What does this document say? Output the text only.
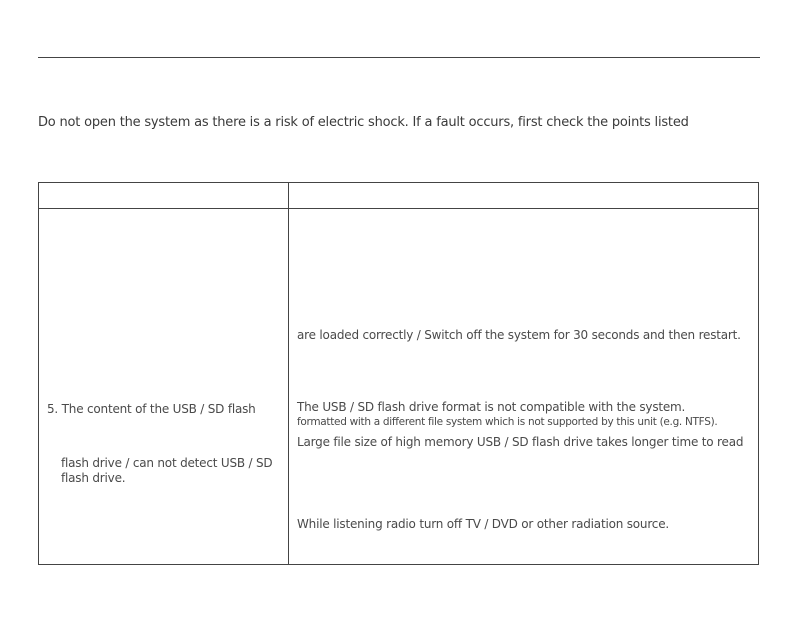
Do not open the system as there is a risk of electric shock. If a fault occurs, first check the points listed
5. The content of the USB / SD flash
flash drive / can not detect USB / SD
flash drive.
are loaded correctly / Switch off the system for 30 seconds and then restart.
The USB / SD flash drive format is not compatible with the system.
formatted with a different file system which is not supported by this unit (e.g. NTFS).
Large file size of high memory USB / SD flash drive takes longer time to read
While listening radio turn off TV / DVD or other radiation source.
